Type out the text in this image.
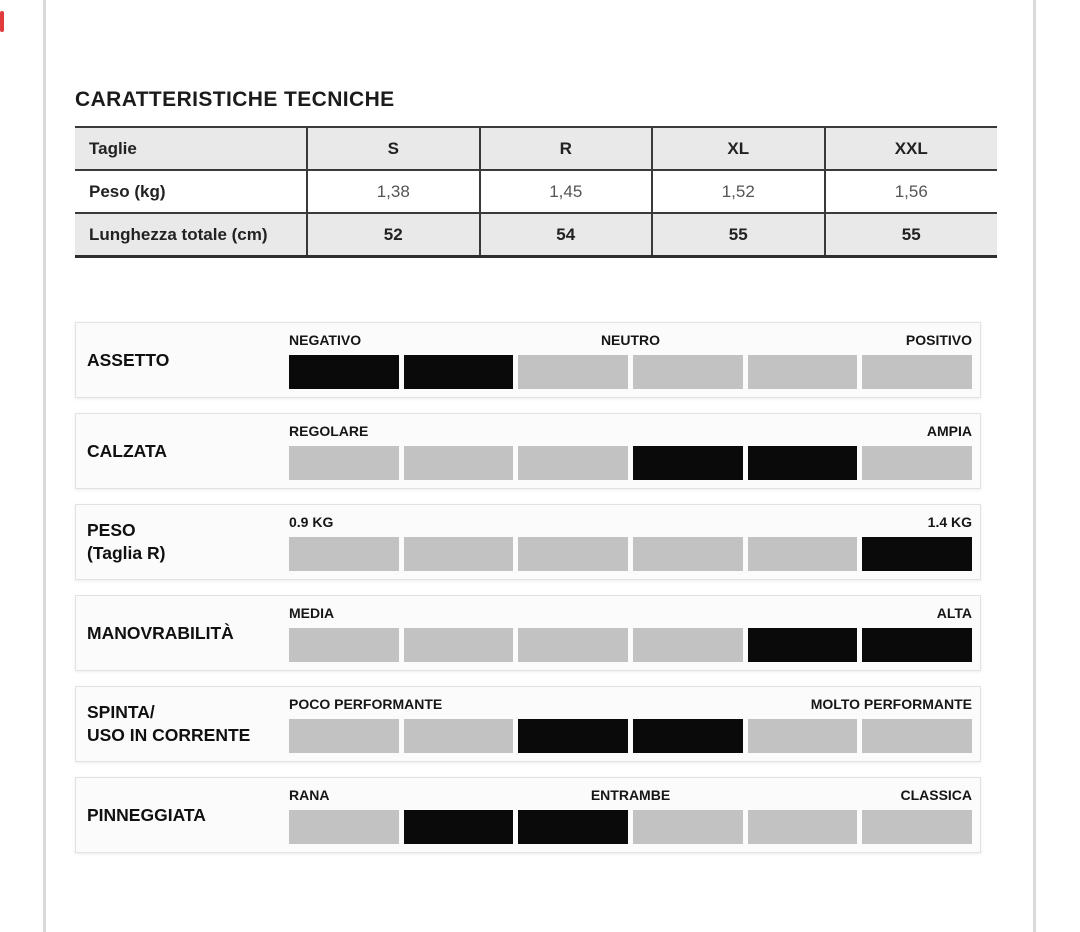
CARATTERISTICHE TECNICHE
Taglie	S	R	XL	XXL
Peso (kg)	1,38	1,45	1,52	1,56
Lunghezza totale (cm)	52	54	55	55
ASSETTO
NEGATIVO	NEUTRO	POSITIVO
CALZATA
REGOLARE	AMPIA
PESO
(Taglia R)
0.9 KG	1.4 KG
MANOVRABILITÀ
MEDIA	ALTA
SPINTA/
USO IN CORRENTE
POCO PERFORMANTE	MOLTO PERFORMANTE
PINNEGGIATA
RANA	ENTRAMBE	CLASSICA
